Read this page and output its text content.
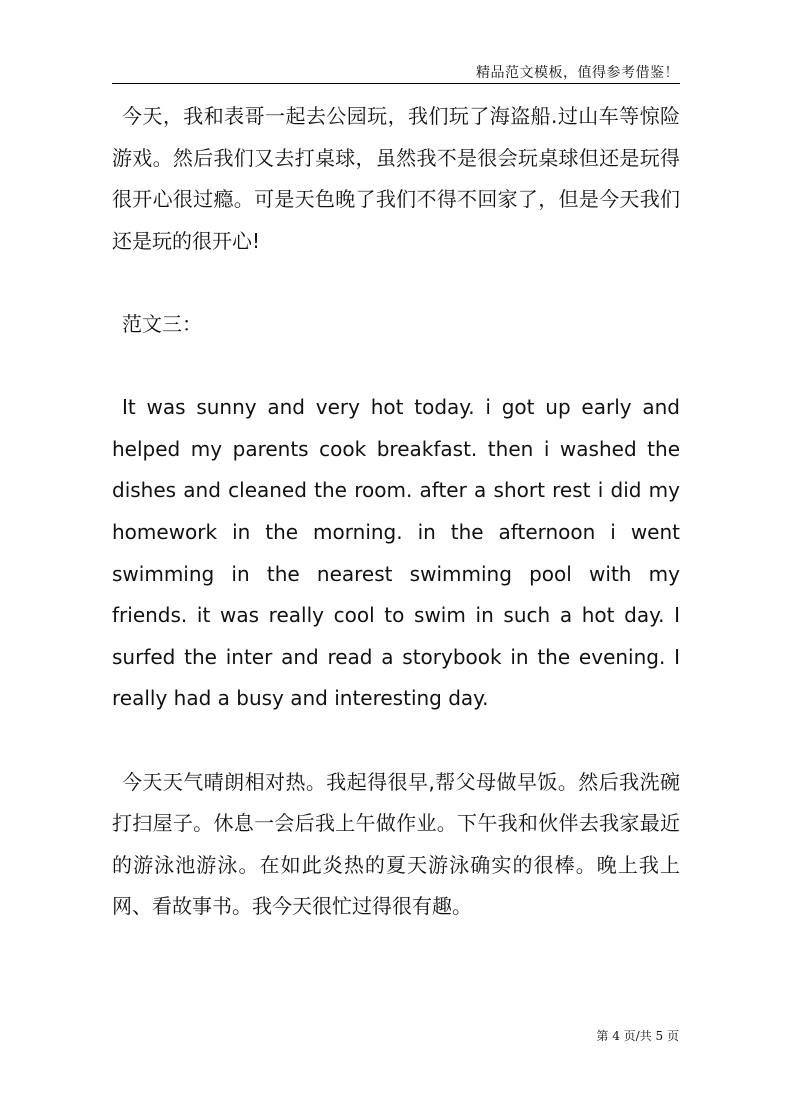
精品范文模板，值得参考借鉴！

今天，我和表哥一起去公园玩，我们玩了海盗船.过山车等惊险游戏。然后我们又去打桌球，虽然我不是很会玩桌球但还是玩得很开心很过瘾。可是天色晚了我们不得不回家了，但是今天我们还是玩的很开心!

范文三：

It was sunny and very hot today. i got up early and helped my parents cook breakfast. then i washed the dishes and cleaned the room. after a short rest i did my homework in the morning. in the afternoon i went swimming in the nearest swimming pool with my friends. it was really cool to swim in such a hot day. I surfed the inter and read a storybook in the evening. I really had a busy and interesting day.

今天天气晴朗相对热。我起得很早,帮父母做早饭。然后我洗碗打扫屋子。休息一会后我上午做作业。下午我和伙伴去我家最近的游泳池游泳。在如此炎热的夏天游泳确实的很棒。晚上我上网、看故事书。我今天很忙过得很有趣。

第 4 页/共 5 页
